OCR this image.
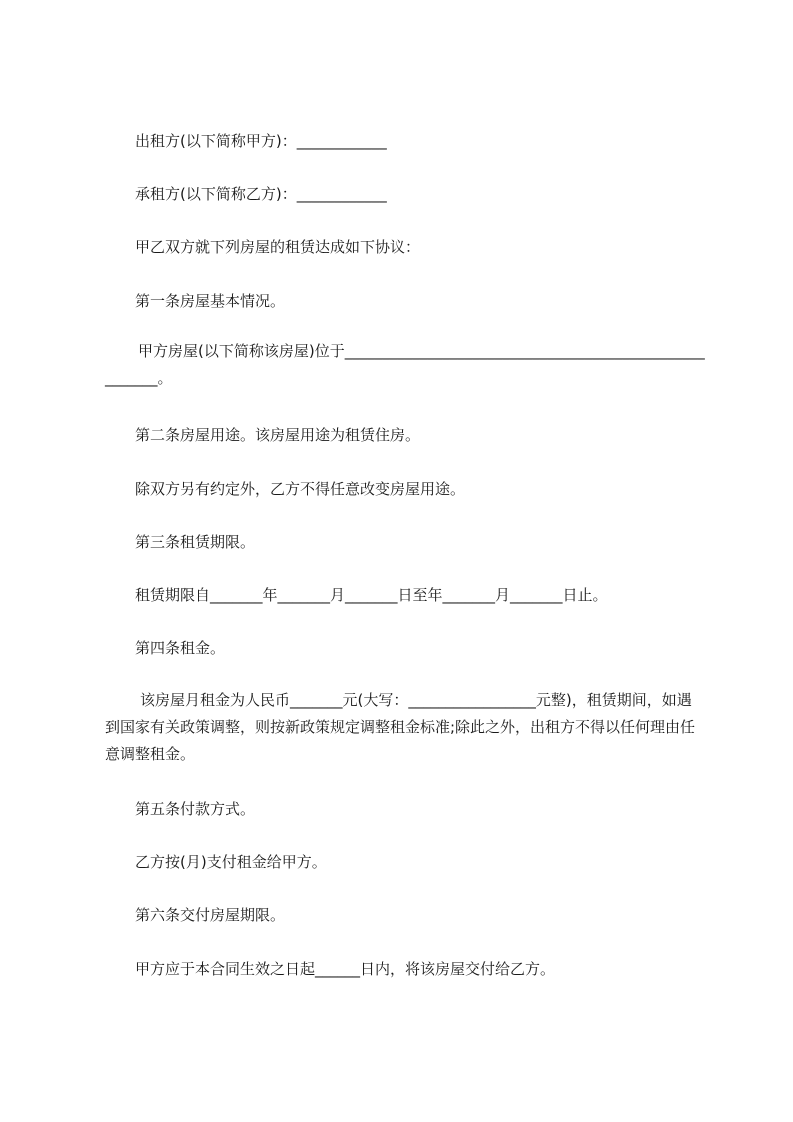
出租方(以下简称甲方)：____________
承租方(以下简称乙方)：____________
甲乙双方就下列房屋的租赁达成如下协议：
第一条房屋基本情况。
甲方房屋(以下简称该房屋)位于_______________________________________________________。
第二条房屋用途。该房屋用途为租赁住房。
除双方另有约定外，乙方不得任意改变房屋用途。
第三条租赁期限。
租赁期限自_______年_______月_______日至年_______月_______日止。
第四条租金。
该房屋月租金为人民币_______元(大写：_________________元整)，租赁期间，如遇到国家有关政策调整，则按新政策规定调整租金标准;除此之外，出租方不得以任何理由任意调整租金。
第五条付款方式。
乙方按(月)支付租金给甲方。
第六条交付房屋期限。
甲方应于本合同生效之日起______日内，将该房屋交付给乙方。
